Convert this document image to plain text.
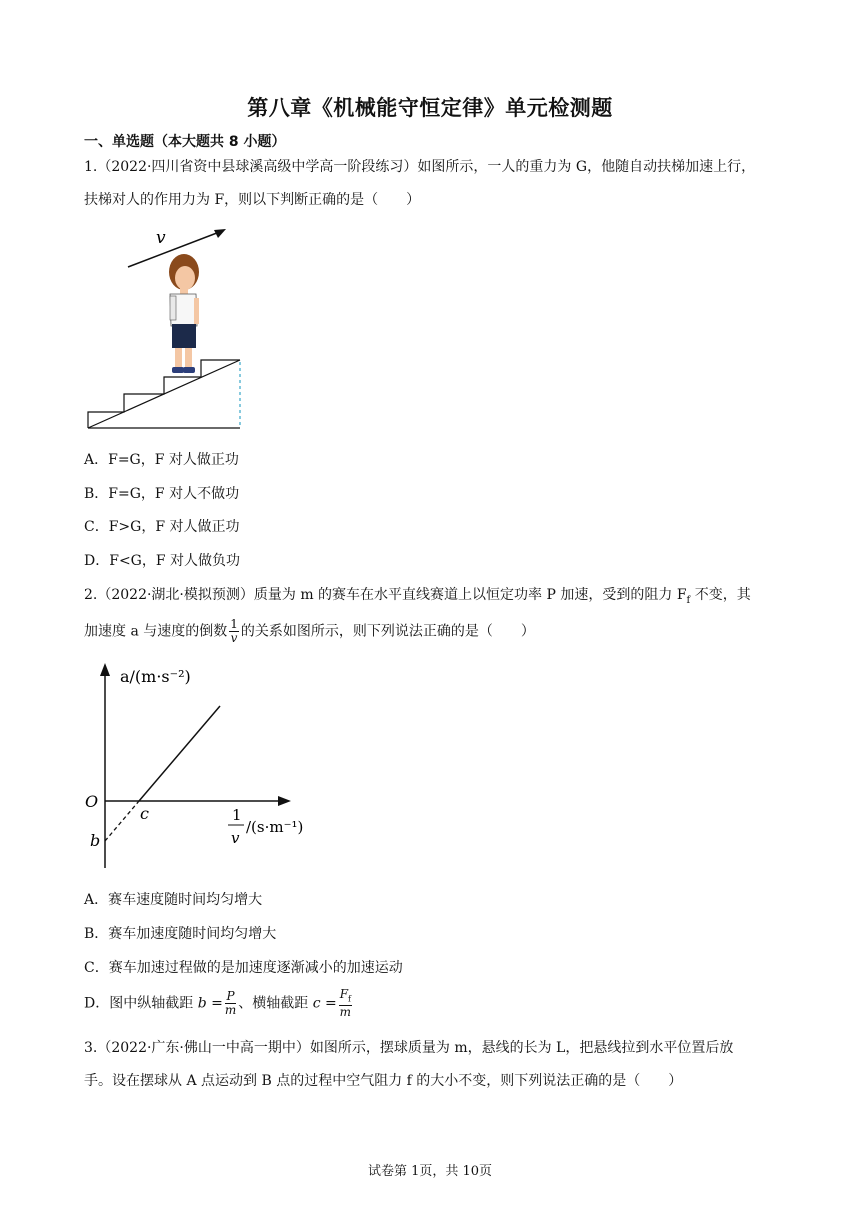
第八章《机械能守恒定律》单元检测题
一、单选题（本大题共 8 小题）
1.（2022·四川省资中县球溪高级中学高一阶段练习）如图所示，一人的重力为 G，他随自动扶梯加速上行，
扶梯对人的作用力为 F，则以下判断正确的是（　　）
v
A．F=G，F 对人做正功
B．F=G，F 对人不做功
C．F>G，F 对人做正功
D．F<G，F 对人做负功
2.（2022·湖北·模拟预测）质量为 m 的赛车在水平直线赛道上以恒定功率 P 加速，受到的阻力 $F_f$ 不变，其
加速度 a 与速度的倒数 $\frac{1}{v}$ 的关系如图所示，则下列说法正确的是（　　）
a/(m·s⁻²)
O
c
b
1
v
/(s·m⁻¹)
A．赛车速度随时间均匀增大
B．赛车加速度随时间均匀增大
C．赛车加速过程做的是加速度逐渐减小的加速运动
D．图中纵轴截距 $b = \frac{P}{m}$ 、横轴截距 $c = \frac{F_f}{m}$
3.（2022·广东·佛山一中高一期中）如图所示，摆球质量为 m，悬线的长为 L，把悬线拉到水平位置后放
手。设在摆球从 A 点运动到 B 点的过程中空气阻力 f 的大小不变，则下列说法正确的是（　　）
试卷第 1页，共 10页
